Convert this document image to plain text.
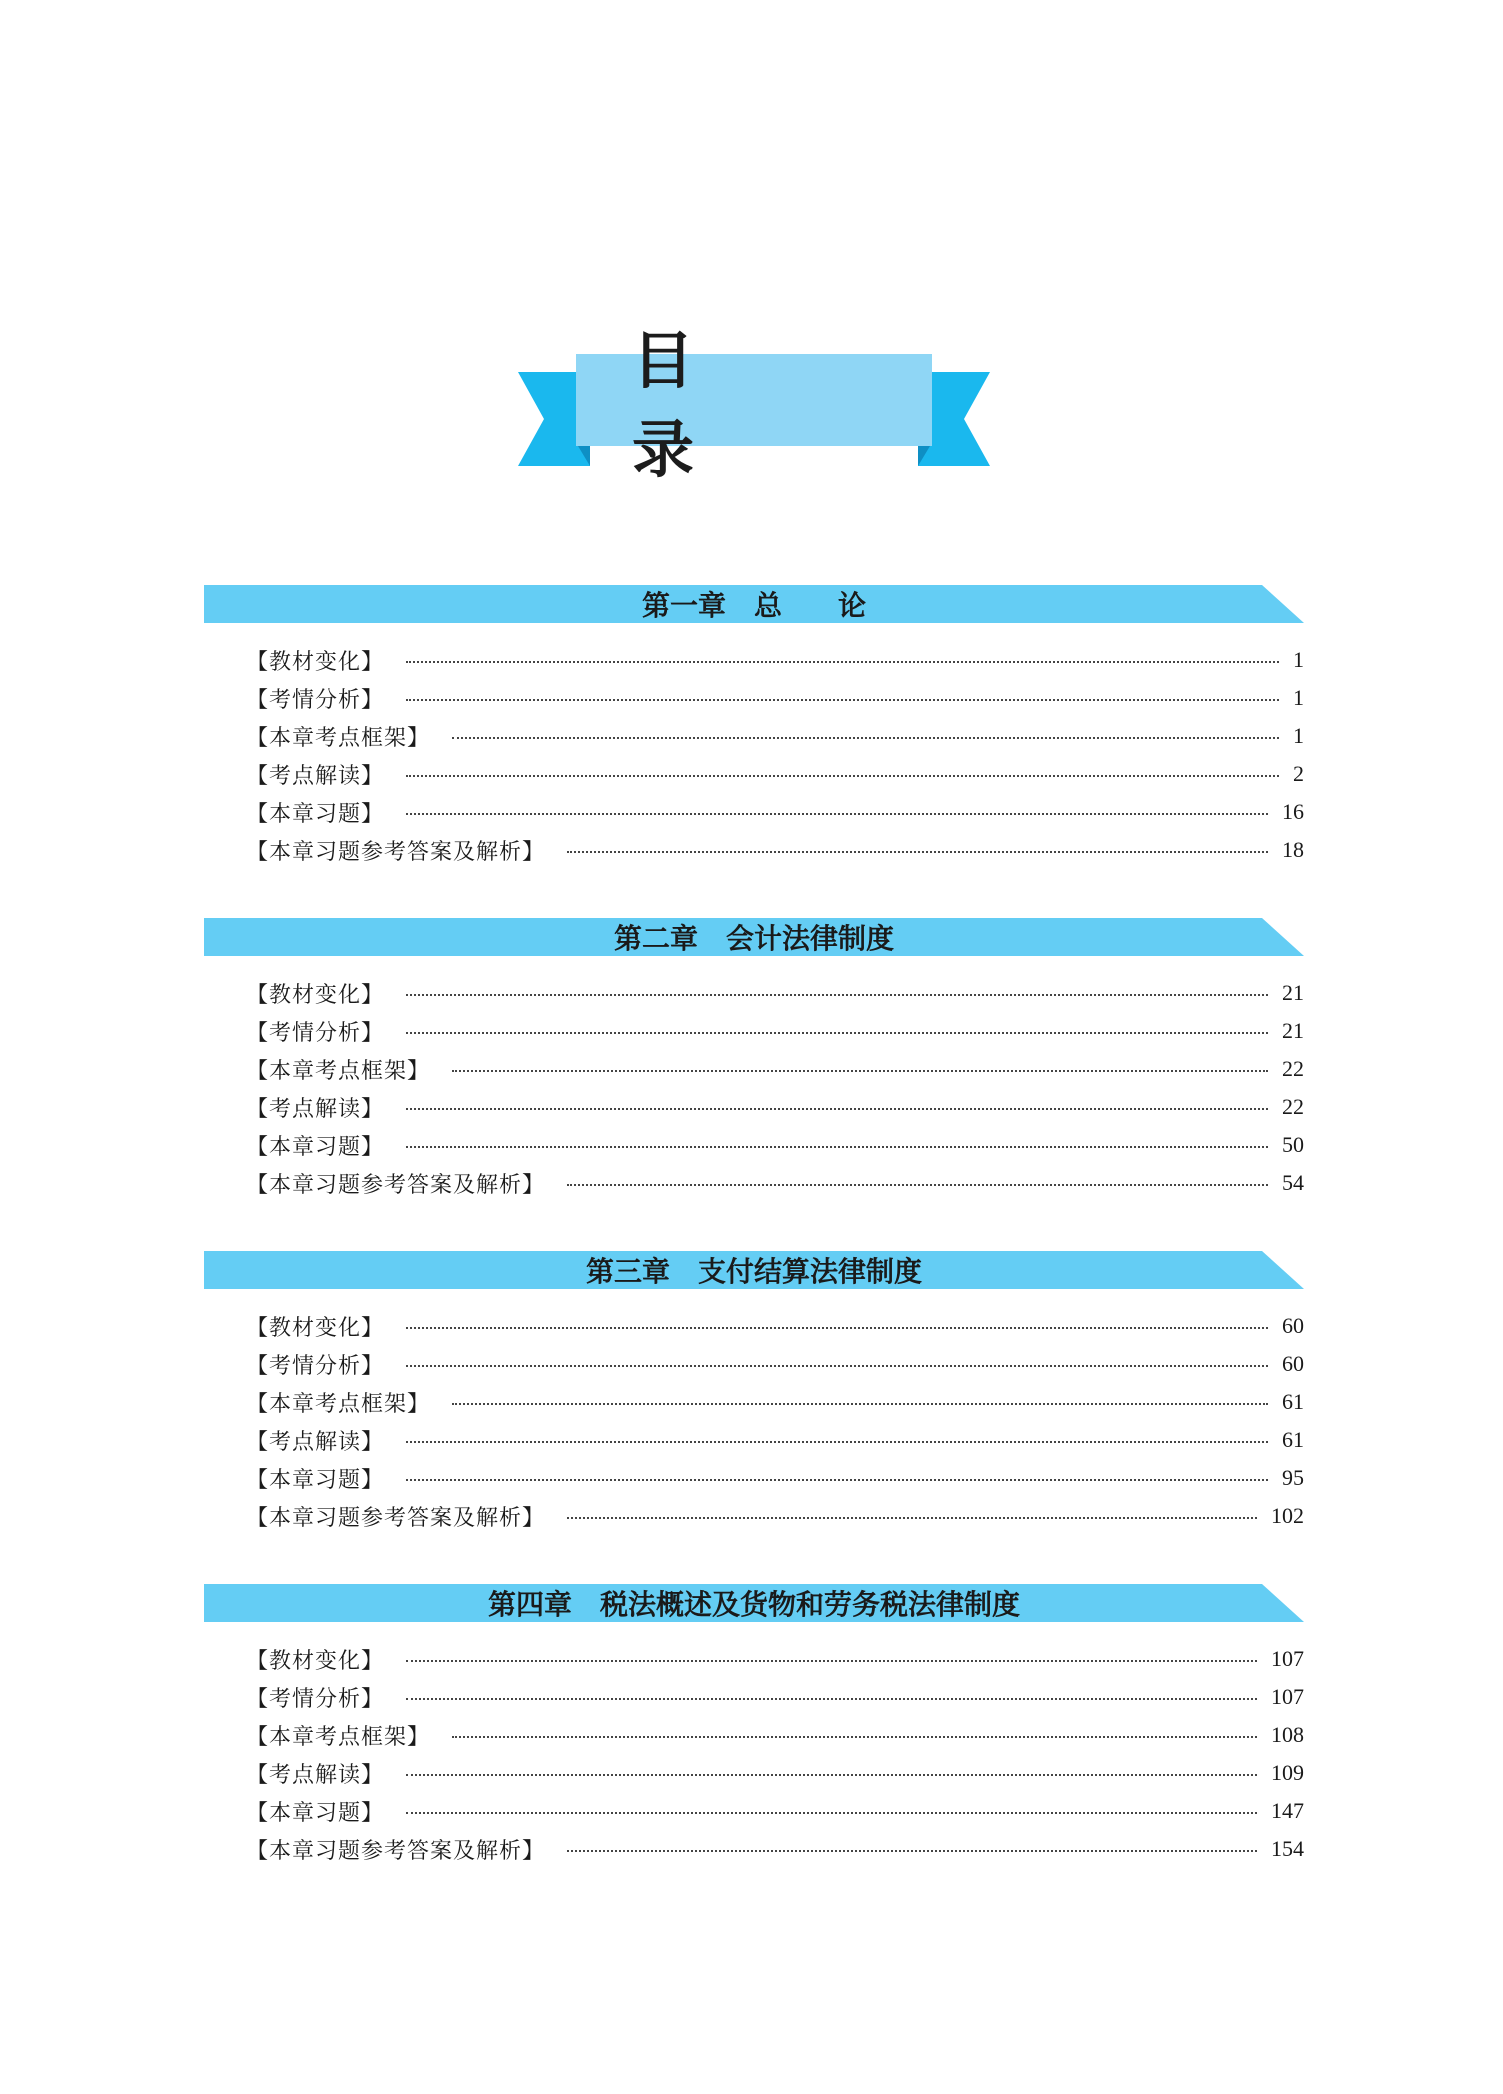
目　录
第一章　总　　论
【教材变化】	1
【考情分析】	1
【本章考点框架】	1
【考点解读】	2
【本章习题】	16
【本章习题参考答案及解析】	18
第二章　会计法律制度
【教材变化】	21
【考情分析】	21
【本章考点框架】	22
【考点解读】	22
【本章习题】	50
【本章习题参考答案及解析】	54
第三章　支付结算法律制度
【教材变化】	60
【考情分析】	60
【本章考点框架】	61
【考点解读】	61
【本章习题】	95
【本章习题参考答案及解析】	102
第四章　税法概述及货物和劳务税法律制度
【教材变化】	107
【考情分析】	107
【本章考点框架】	108
【考点解读】	109
【本章习题】	147
【本章习题参考答案及解析】	154
